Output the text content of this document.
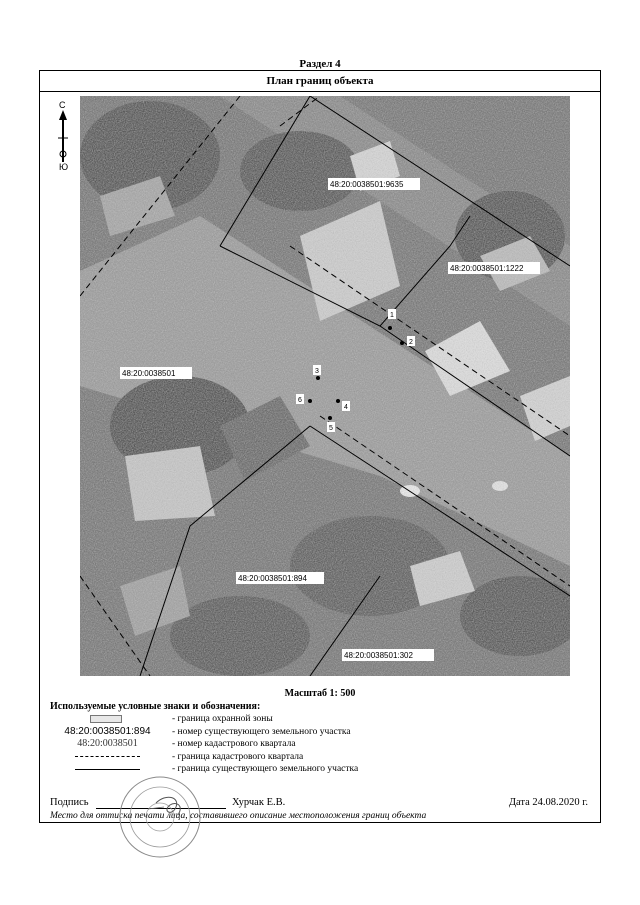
Раздел 4
План границ объекта
С
Ю
48:20:0038501:9635
48:20:0038501:1222
48:20:0038501
48:20:0038501:894
48:20:0038501:302
1
2
3
4
5
6
Масштаб 1: 500
Используемые условные знаки и обозначения:
- граница охранной зоны
48:20:0038501:894	- номер существующего земельного участка
48:20:0038501	- номер кадастрового квартала
- граница кадастрового квартала
- граница существующего земельного участка
Подпись	Хурчак Е.В.	Дата 24.08.2020 г.
Место для оттиска печати лица, составившего описание местоположения границ объекта
